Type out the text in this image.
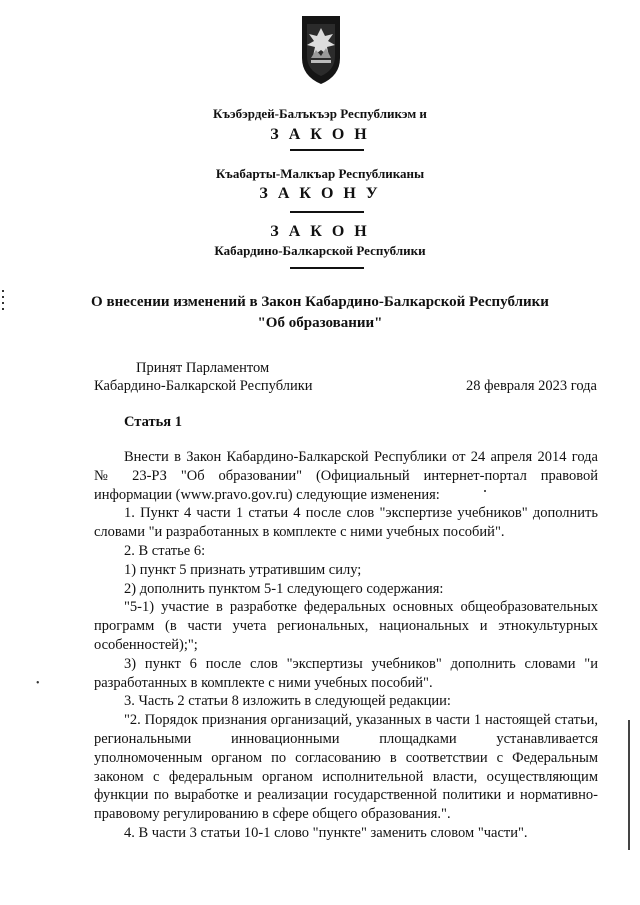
Къэбэрдей-Балъкъэр Республикэм и
З А К О Н
Къабарты-Малкъар Республиканы
З А К О Н У
З А К О Н
Кабардино-Балкарской Республики
О внесении изменений в Закон Кабардино-Балкарской Республики
"Об образовании"
Принят Парламентом
Кабардино-Балкарской Республики	28 февраля 2023 года
Статья 1

Внести в Закон Кабардино-Балкарской Республики от 24 апреля 2014 года № 23-РЗ "Об образовании" (Официальный интернет-портал правовой информации (www.pravo.gov.ru) следующие изменения:

1. Пункт 4 части 1 статьи 4 после слов "экспертизе учебников" дополнить словами "и разработанных в комплекте с ними учебных пособий".

2. В статье 6:

1) пункт 5 признать утратившим силу;

2) дополнить пунктом 5-1 следующего содержания:

"5-1) участие в разработке федеральных основных общеобразовательных программ (в части учета региональных, национальных и этнокультурных особенностей);";

3) пункт 6 после слов "экспертизы учебников" дополнить словами "и разработанных в комплекте с ними учебных пособий".

3. Часть 2 статьи 8 изложить в следующей редакции:

"2. Порядок признания организаций, указанных в части 1 настоящей статьи, региональными инновационными площадками устанавливается уполномоченным органом по согласованию в соответствии с Федеральным законом с федеральным органом исполнительной власти, осуществляющим функции по выработке и реализации государственной политики и нормативно-правовому регулированию в сфере общего образования.".

4. В части 3 статьи 10-1 слово "пункте" заменить словом "части".

•
